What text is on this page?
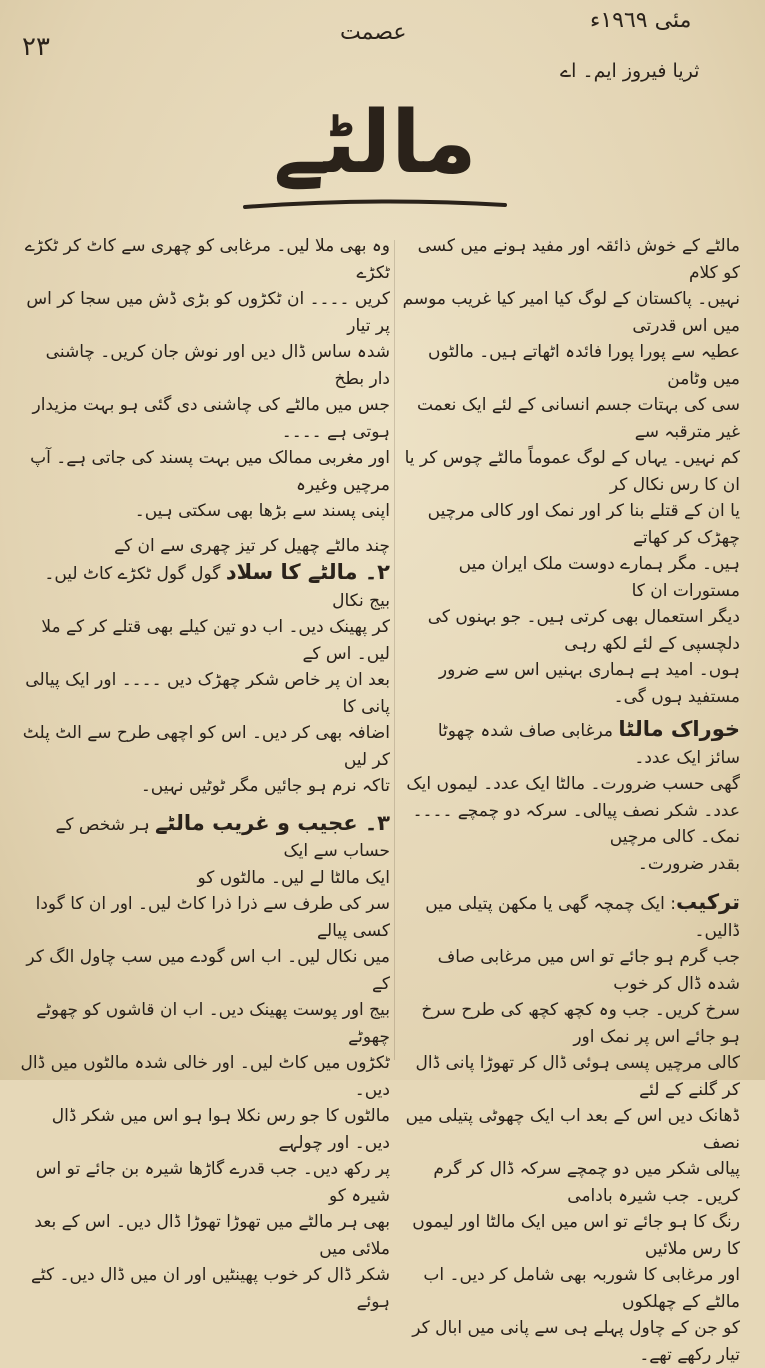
٢٣	عصمت	مئی ١٩٦٩ء
ثریا فیروز ایم۔ اے
مالٹے

مالٹے کے خوش ذائقہ اور مفید ہونے میں کسی کو کلام

نہیں۔ پاکستان کے لوگ کیا امیر کیا غریب موسم میں اس قدرتی

عطیہ سے پورا پورا فائدہ اٹھاتے ہیں۔ مالٹوں میں وٹامن

سی کی بہتات جسم انسانی کے لئے ایک نعمت غیر مترقبہ سے

کم نہیں۔ یہاں کے لوگ عموماً مالٹے چوس کر یا ان کا رس نکال کر

یا ان کے قتلے بنا کر اور نمک اور کالی مرچیں چھڑک کر کھاتے

ہیں۔ مگر ہمارے دوست ملک ایران میں مستورات ان کا

دیگر استعمال بھی کرتی ہیں۔ جو بہنوں کی دلچسپی کے لئے لکھ رہی

ہوں۔ امید ہے ہماری بہنیں اس سے ضرور مستفید ہوں گی۔

خوراک مالٹا مرغابی صاف شدہ چھوٹا سائز ایک عدد۔

گھی حسب ضرورت۔ مالٹا ایک عدد۔ لیموں ایک

عدد۔ شکر نصف پیالی۔ سرکہ دو چمچے ۔۔۔۔ نمک۔ کالی مرچیں

بقدر ضرورت۔

ترکیب: ایک چمچہ گھی یا مکھن پتیلی میں ڈالیں۔

جب گرم ہو جائے تو اس میں مرغابی صاف شدہ ڈال کر خوب

سرخ کریں۔ جب وہ کچھ کچھ کی طرح سرخ ہو جائے اس پر نمک اور

کالی مرچیں پسی ہوئی ڈال کر تھوڑا پانی ڈال کر گلنے کے لئے

ڈھانک دیں اس کے بعد اب ایک چھوٹی پتیلی میں نصف

پیالی شکر میں دو چمچے سرکہ ڈال کر گرم کریں۔ جب شیرہ بادامی

رنگ کا ہو جائے تو اس میں ایک مالٹا اور لیموں کا رس ملائیں

اور مرغابی کا شوربہ بھی شامل کر دیں۔ اب مالٹے کے چھلکوں

کو جن کے چاول پہلے ہی سے پانی میں ابال کر تیار رکھے تھے۔

وہ بھی ملا لیں۔ مرغابی کو چھری سے کاٹ کر ٹکڑے ٹکڑے

کریں ۔۔۔۔ ان ٹکڑوں کو بڑی ڈش میں سجا کر اس پر تیار

شدہ ساس ڈال دیں اور نوش جان کریں۔ چاشنی دار بطخ

جس میں مالٹے کی چاشنی دی گئی ہو بہت مزیدار ہوتی ہے ۔۔۔۔

اور مغربی ممالک میں بہت پسند کی جاتی ہے۔ آپ مرچیں وغیرہ

اپنی پسند سے بڑھا بھی سکتی ہیں۔

چند مالٹے چھیل کر تیز چھری سے ان کے

٢۔ مالٹے کا سلاد گول گول ٹکڑے کاٹ لیں۔ بیج نکال

کر پھینک دیں۔ اب دو تین کیلے بھی قتلے کر کے ملا لیں۔ اس کے

بعد ان پر خاص شکر چھڑک دیں ۔۔۔۔ اور ایک پیالی پانی کا

اضافہ بھی کر دیں۔ اس کو اچھی طرح سے الٹ پلٹ کر لیں

تاکہ نرم ہو جائیں مگر ٹوٹیں نہیں۔

٣۔ عجیب و غریب مالٹے ہر شخص کے حساب سے ایک

ایک مالٹا لے لیں۔ مالٹوں کو

سر کی طرف سے ذرا ذرا کاٹ لیں۔ اور ان کا گودا کسی پیالے

میں نکال لیں۔ اب اس گودے میں سب چاول الگ کر کے

بیج اور پوست پھینک دیں۔ اب ان قاشوں کو چھوٹے چھوٹے

ٹکڑوں میں کاٹ لیں۔ اور خالی شدہ مالٹوں میں ڈال دیں۔

مالٹوں کا جو رس نکلا ہوا ہو اس میں شکر ڈال دیں۔ اور چولہے

پر رکھ دیں۔ جب قدرے گاڑھا شیرہ بن جائے تو اس شیرہ کو

بھی ہر مالٹے میں تھوڑا تھوڑا ڈال دیں۔ اس کے بعد ملائی میں

شکر ڈال کر خوب پھینٹیں اور ان میں ڈال دیں۔ کٹے ہوئے
